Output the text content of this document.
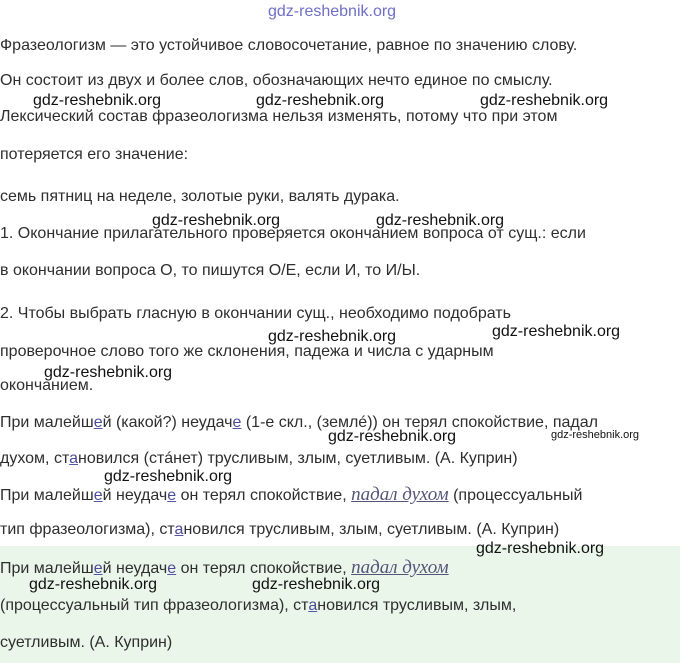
gdz-reshebnik.org
Фразеологизм — это устойчивое словосочетание, равное по значению слову.
Он состоит из двух и более слов, обозначающих нечто единое по смыслу.
Лексический состав фразеологизма нельзя изменять, потому что при этом
потеряется его значение:
семь пятниц на неделе, золотые руки, валять дурака.
1. Окончание прилагательного проверяется окончанием вопроса от сущ.: если
в окончании вопроса О, то пишутся О/Е, если И, то И/Ы.
2. Чтобы выбрать гласную в окончании сущ., необходимо подобрать
проверочное слово того же склонения, падежа и числа с ударным
окончанием.
При малейшей (какой?) неудаче (1-е скл., (землé)) он терял спокойствие, падал
духом, становился (стáнет) трусливым, злым, суетливым. (А. Куприн)
При малейшей неудаче он терял спокойствие, падал духом (процессуальный
тип фразеологизма), становился трусливым, злым, суетливым. (А. Куприн)
При малейшей неудаче он терял спокойствие, падал духом
(процессуальный тип фразеологизма), становился трусливым, злым,
суетливым. (А. Куприн)
gdz-reshebnik.org	gdz-reshebnik.org	gdz-reshebnik.org
gdz-reshebnik.org	gdz-reshebnik.org
gdz-reshebnik.org	gdz-reshebnik.org
gdz-reshebnik.org
gdz-reshebnik.org	gdz-reshebnik.org
gdz-reshebnik.org
gdz-reshebnik.org
gdz-reshebnik.org	gdz-reshebnik.org
